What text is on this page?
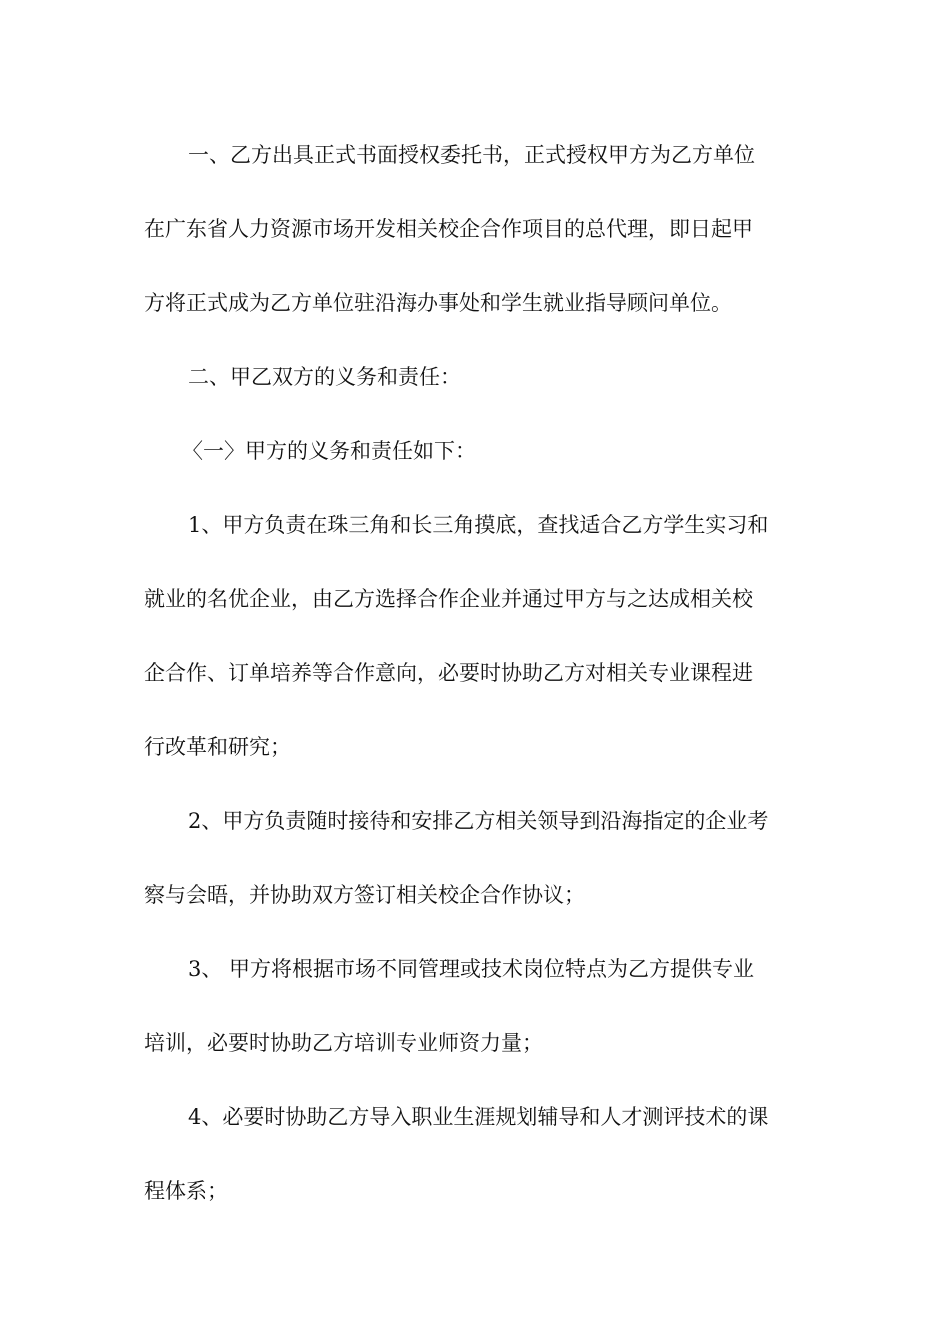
一、乙方出具正式书面授权委托书，正式授权甲方为乙方单位
在广东省人力资源市场开发相关校企合作项目的总代理，即日起甲
方将正式成为乙方单位驻沿海办事处和学生就业指导顾问单位。
二、甲乙双方的义务和责任：
〈一〉甲方的义务和责任如下：
1、甲方负责在珠三角和长三角摸底，查找适合乙方学生实习和
就业的名优企业，由乙方选择合作企业并通过甲方与之达成相关校
企合作、订单培养等合作意向，必要时协助乙方对相关专业课程进
行改革和研究；
2、甲方负责随时接待和安排乙方相关领导到沿海指定的企业考
察与会晤，并协助双方签订相关校企合作协议；
3、 甲方将根据市场不同管理或技术岗位特点为乙方提供专业
培训，必要时协助乙方培训专业师资力量；
4、必要时协助乙方导入职业生涯规划辅导和人才测评技术的课
程体系；
